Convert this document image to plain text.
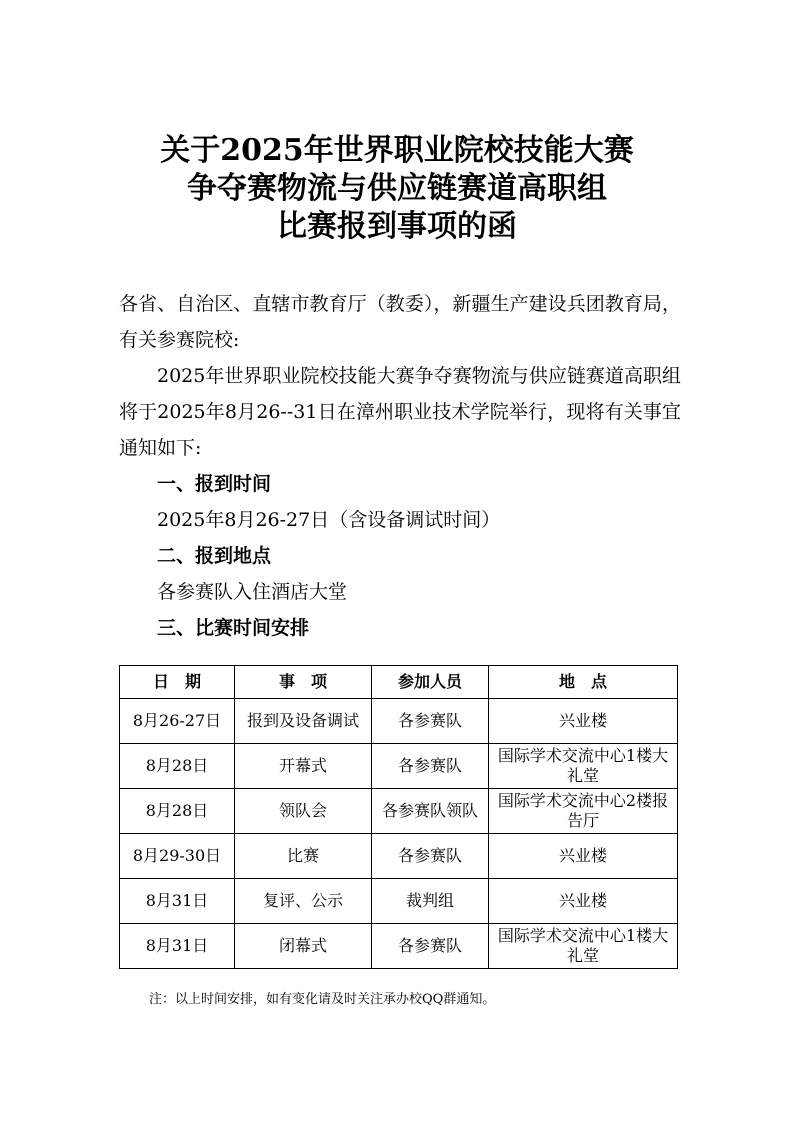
关于2025年世界职业院校技能大赛
争夺赛物流与供应链赛道高职组
比赛报到事项的函

各省、自治区、直辖市教育厅（教委），新疆生产建设兵团教育局，有关参赛院校:

2025年世界职业院校技能大赛争夺赛物流与供应链赛道高职组将于2025年8月26--31日在漳州职业技术学院举行，现将有关事宜通知如下:

一、报到时间

2025年8月26-27日（含设备调试时间）

二、报到地点

各参赛队入住酒店大堂

三、比赛时间安排

日　期	事　项	参加人员	地　点
8月26-27日	报到及设备调试	各参赛队	兴业楼
8月28日	开幕式	各参赛队	国际学术交流中心1楼大礼堂
8月28日	领队会	各参赛队领队	国际学术交流中心2楼报告厅
8月29-30日	比赛	各参赛队	兴业楼
8月31日	复评、公示	裁判组	兴业楼
8月31日	闭幕式	各参赛队	国际学术交流中心1楼大礼堂

注：以上时间安排，如有变化请及时关注承办校QQ群通知。
